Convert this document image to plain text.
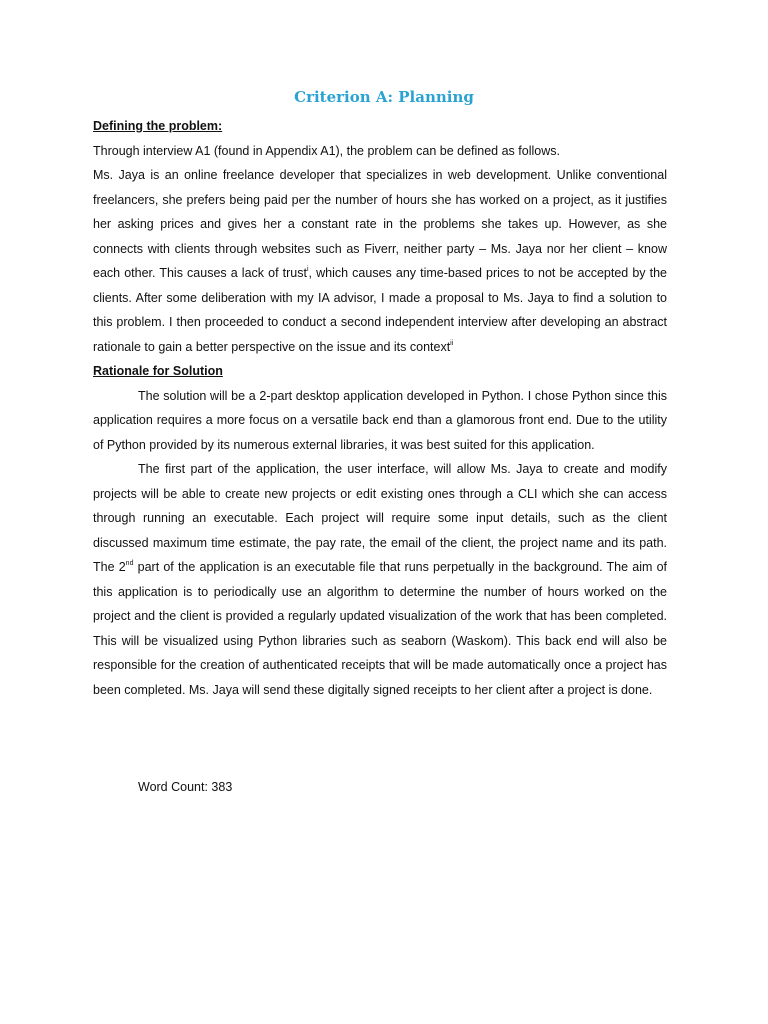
Criterion A: Planning

Defining the problem:

Through interview A1 (found in Appendix A1), the problem can be defined as follows.

Ms. Jaya is an online freelance developer that specializes in web development. Unlike conventional freelancers, she prefers being paid per the number of hours she has worked on a project, as it justifies her asking prices and gives her a constant rate in the problems she takes up. However, as she connects with clients through websites such as Fiverr, neither party – Ms. Jaya nor her client – know each other. This causes a lack of trust$^i$, which causes any time-based prices to not be accepted by the clients. After some deliberation with my IA advisor, I made a proposal to Ms. Jaya to find a solution to this problem. I then proceeded to conduct a second independent interview after developing an abstract rationale to gain a better perspective on the issue and its context$^{ii}$

Rationale for Solution

The solution will be a 2-part desktop application developed in Python. I chose Python since this application requires a more focus on a versatile back end than a glamorous front end. Due to the utility of Python provided by its numerous external libraries, it was best suited for this application.

The first part of the application, the user interface, will allow Ms. Jaya to create and modify projects will be able to create new projects or edit existing ones through a CLI which she can access through running an executable. Each project will require some input details, such as the client discussed maximum time estimate, the pay rate, the email of the client, the project name and its path. The 2nd part of the application is an executable file that runs perpetually in the background. The aim of this application is to periodically use an algorithm to determine the number of hours worked on the project and the client is provided a regularly updated visualization of the work that has been completed. This will be visualized using Python libraries such as seaborn (Waskom). This back end will also be responsible for the creation of authenticated receipts that will be made automatically once a project has been completed. Ms. Jaya will send these digitally signed receipts to her client after a project is done.

Word Count: 383
